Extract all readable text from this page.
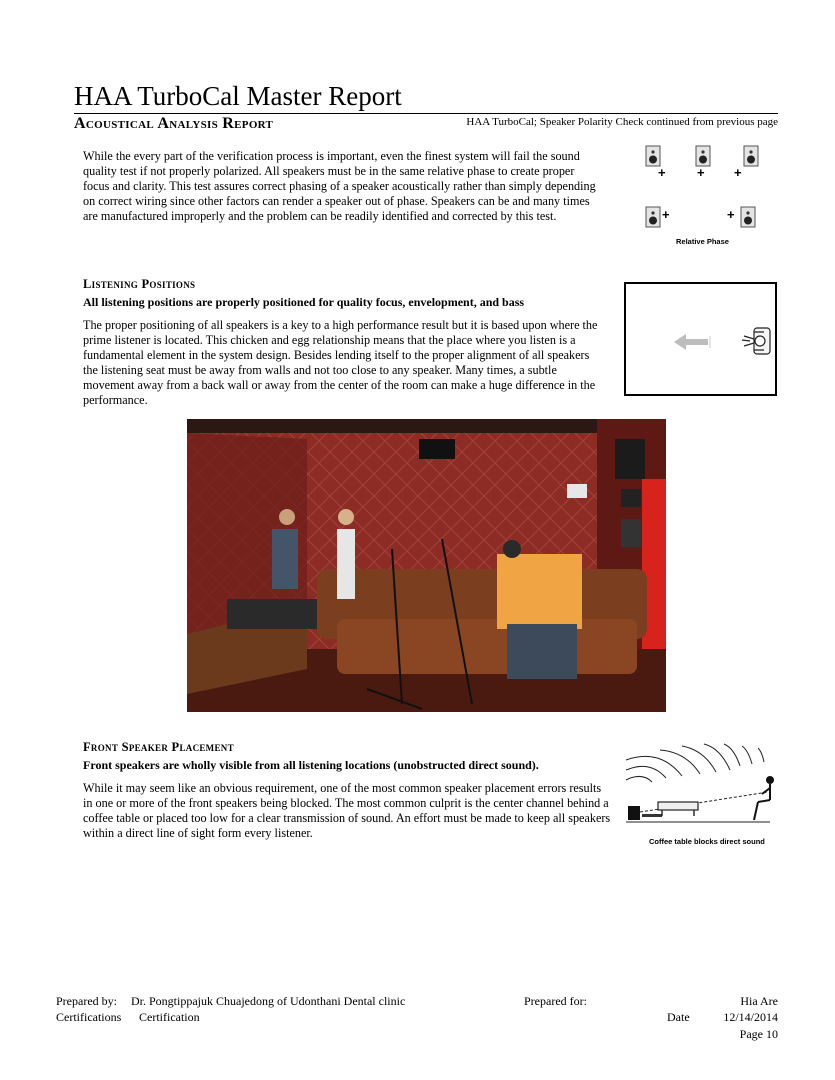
HAA TurboCal Master Report
Acoustical Analysis Report	HAA TurboCal; Speaker Polarity Check continued from previous page
While the every part of the verification process is important, even the finest system will fail the sound quality test if not properly polarized. All speakers must be in the same relative phase to create proper focus and clarity. This test assures correct phasing of a speaker acoustically rather than simply depending on correct wiring since other factors can render a speaker out of phase. Speakers can be and many times are manufactured improperly and the problem can be readily identified and corrected by this test.
+ + +
+	+
Relative Phase
Listening Positions
All listening positions are properly positioned for quality focus, envelopment, and bass
The proper positioning of all speakers is a key to a high performance result but it is based upon where the prime listener is located. This chicken and egg relationship means that the place where you listen is a fundamental element in the system design. Besides lending itself to the proper alignment of all speakers the listening seat must be away from walls and not too close to any speaker. Many times, a subtle movement away from a back wall or away from the center of the room can make a huge difference in the performance.
Front Speaker Placement
Front speakers are wholly visible from all listening locations (unobstructed direct sound).
While it may seem like an obvious requirement, one of the most common speaker placement errors results in one or more of the front speakers being blocked. The most common culprit is the center channel behind a coffee table or placed too low for a clear transmission of sound. An effort must be made to keep all speakers within a direct line of sight form every listener.
Coffee table blocks direct sound
Prepared by: Dr. Pongtippajuk Chuajedong of Udonthani Dental clinic
Certifications Certification
Prepared for:	Hia Are
Date	12/14/2014
Page 10
